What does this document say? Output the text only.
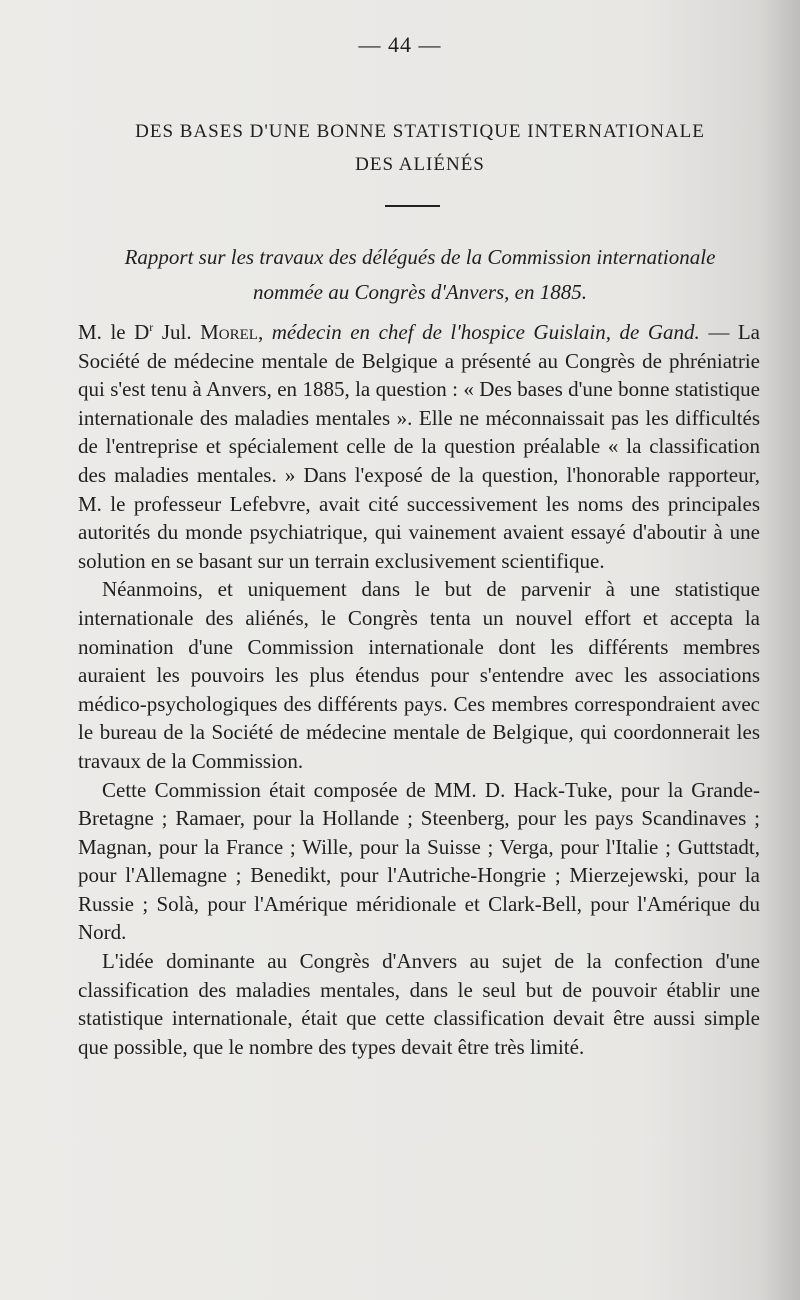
— 44 —
DES BASES D'UNE BONNE STATISTIQUE INTERNATIONALE
DES ALIÉNÉS
Rapport sur les travaux des délégués de la Commission internationale
nommée au Congrès d'Anvers, en 1885.

M. le $D^r$ Jul. Morel, médecin en chef de l'hospice Guislain, de Gand. — La Société de médecine mentale de Belgique a présenté au Congrès de phréniatrie qui s'est tenu à Anvers, en 1885, la question : « Des bases d'une bonne statistique internationale des maladies mentales ». Elle ne méconnaissait pas les difficultés de l'entreprise et spécialement celle de la question préalable « la classification des maladies mentales. » Dans l'exposé de la question, l'honorable rapporteur, M. le professeur Lefebvre, avait cité successivement les noms des principales autorités du monde psychiatrique, qui vainement avaient essayé d'aboutir à une solution en se basant sur un terrain exclusivement scientifique.

Néanmoins, et uniquement dans le but de parvenir à une statistique internationale des aliénés, le Congrès tenta un nouvel effort et accepta la nomination d'une Commission internationale dont les différents membres auraient les pouvoirs les plus étendus pour s'entendre avec les associations médico-psychologiques des différents pays. Ces membres correspondraient avec le bureau de la Société de médecine mentale de Belgique, qui coordonnerait les travaux de la Commission.

Cette Commission était composée de MM. D. Hack-Tuke, pour la Grande-Bretagne ; Ramaer, pour la Hollande ; Steenberg, pour les pays Scandinaves ; Magnan, pour la France ; Wille, pour la Suisse ; Verga, pour l'Italie ; Guttstadt, pour l'Allemagne ; Benedikt, pour l'Autriche-Hongrie ; Mierzejewski, pour la Russie ; Solà, pour l'Amérique méridionale et Clark-Bell, pour l'Amérique du Nord.

L'idée dominante au Congrès d'Anvers au sujet de la confection d'une classification des maladies mentales, dans le seul but de pouvoir établir une statistique internationale, était que cette classification devait être aussi simple que possible, que le nombre des types devait être très limité.
